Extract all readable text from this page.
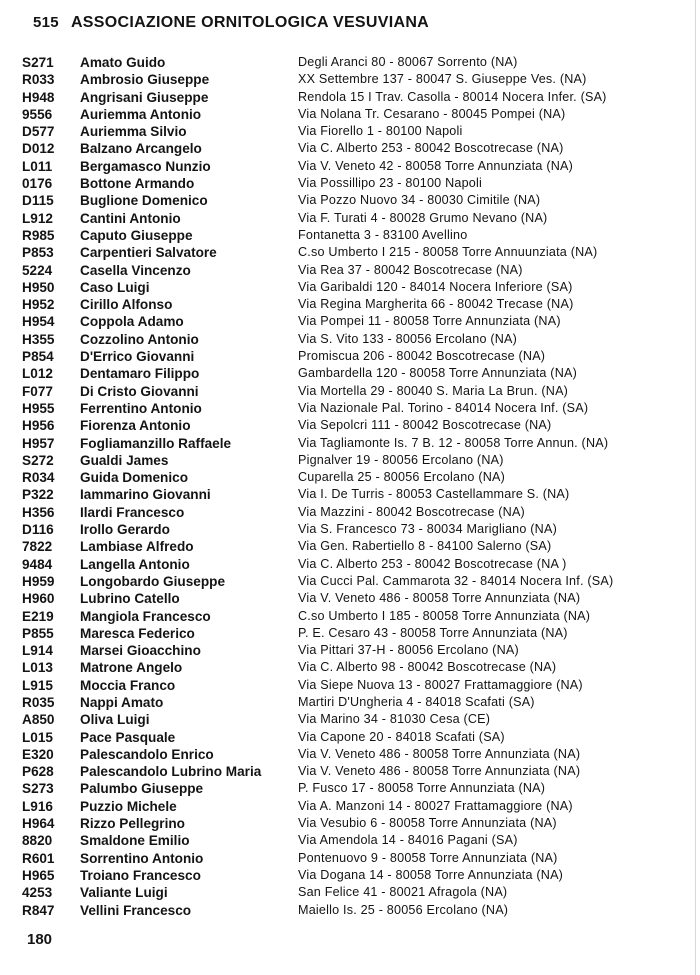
515 ASSOCIAZIONE ORNITOLOGICA VESUVIANA
S271	Amato Guido	Degli Aranci 80 - 80067 Sorrento (NA)
R033	Ambrosio Giuseppe	XX Settembre 137 - 80047 S. Giuseppe Ves. (NA)
H948	Angrisani Giuseppe	Rendola 15 I Trav. Casolla - 80014 Nocera Infer. (SA)
9556	Auriemma Antonio	Via Nolana Tr. Cesarano - 80045 Pompei (NA)
D577	Auriemma Silvio	Via Fiorello 1 - 80100 Napoli
D012	Balzano Arcangelo	Via C. Alberto 253 - 80042 Boscotrecase (NA)
L011	Bergamasco Nunzio	Via V. Veneto 42 - 80058 Torre Annunziata (NA)
0176	Bottone Armando	Via Possillipo 23 - 80100 Napoli
D115	Buglione Domenico	Via Pozzo Nuovo 34 - 80030 Cimitile (NA)
L912	Cantini Antonio	Via F. Turati 4 - 80028 Grumo Nevano (NA)
R985	Caputo Giuseppe	Fontanetta 3 - 83100 Avellino
P853	Carpentieri Salvatore	C.so Umberto I 215 - 80058 Torre Annuunziata (NA)
5224	Casella Vincenzo	Via Rea 37 - 80042 Boscotrecase (NA)
H950	Caso Luigi	Via Garibaldi 120 - 84014 Nocera Inferiore (SA)
H952	Cirillo Alfonso	Via Regina Margherita 66 - 80042 Trecase (NA)
H954	Coppola Adamo	Via Pompei 11 - 80058 Torre Annunziata (NA)
H355	Cozzolino Antonio	Via S. Vito 133 - 80056 Ercolano (NA)
P854	D'Errico Giovanni	Promiscua 206 - 80042 Boscotrecase (NA)
L012	Dentamaro Filippo	Gambardella 120 - 80058 Torre Annunziata (NA)
F077	Di Cristo Giovanni	Via Mortella 29 - 80040 S. Maria La Brun. (NA)
H955	Ferrentino Antonio	Via Nazionale Pal. Torino - 84014 Nocera Inf. (SA)
H956	Fiorenza Antonio	Via Sepolcri 111 - 80042 Boscotrecase (NA)
H957	Fogliamanzillo Raffaele	Via Tagliamonte Is. 7 B. 12 - 80058 Torre Annun. (NA)
S272	Gualdi James	Pignalver 19 - 80056 Ercolano (NA)
R034	Guida Domenico	Cuparella 25 - 80056 Ercolano (NA)
P322	Iammarino Giovanni	Via I. De Turris - 80053 Castellammare S. (NA)
H356	Ilardi Francesco	Via Mazzini - 80042 Boscotrecase (NA)
D116	Irollo Gerardo	Via S. Francesco 73 - 80034 Marigliano (NA)
7822	Lambiase Alfredo	Via Gen. Rabertiello 8 - 84100 Salerno (SA)
9484	Langella Antonio	Via C. Alberto 253 - 80042 Boscotrecase (NA )
H959	Longobardo Giuseppe	Via Cucci Pal. Cammarota 32 - 84014 Nocera Inf. (SA)
H960	Lubrino Catello	Via V. Veneto 486 - 80058 Torre Annunziata (NA)
E219	Mangiola Francesco	C.so Umberto I 185 - 80058 Torre Annunziata (NA)
P855	Maresca Federico	P. E. Cesaro 43 - 80058 Torre Annunziata (NA)
L914	Marsei Gioacchino	Via Pittari 37-H - 80056 Ercolano (NA)
L013	Matrone Angelo	Via C. Alberto 98 - 80042 Boscotrecase (NA)
L915	Moccia Franco	Via Siepe Nuova 13 - 80027 Frattamaggiore (NA)
R035	Nappi Amato	Martiri D'Ungheria 4 - 84018 Scafati (SA)
A850	Oliva Luigi	Via Marino 34 - 81030 Cesa (CE)
L015	Pace Pasquale	Via Capone 20 - 84018 Scafati (SA)
E320	Palescandolo Enrico	Via V. Veneto 486 - 80058 Torre Annunziata (NA)
P628	Palescandolo Lubrino Maria	Via V. Veneto 486 - 80058 Torre Annunziata (NA)
S273	Palumbo Giuseppe	P. Fusco 17 - 80058 Torre Annunziata (NA)
L916	Puzzio Michele	Via A. Manzoni 14 - 80027 Frattamaggiore (NA)
H964	Rizzo Pellegrino	Via Vesubio 6 - 80058 Torre Annunziata (NA)
8820	Smaldone Emilio	Via Amendola 14 - 84016 Pagani (SA)
R601	Sorrentino Antonio	Pontenuovo 9 - 80058 Torre Annunziata (NA)
H965	Troiano Francesco	Via Dogana 14 - 80058 Torre Annunziata (NA)
4253	Valiante Luigi	San Felice 41 - 80021 Afragola (NA)
R847	Vellini Francesco	Maiello Is. 25 - 80056 Ercolano (NA)
180
